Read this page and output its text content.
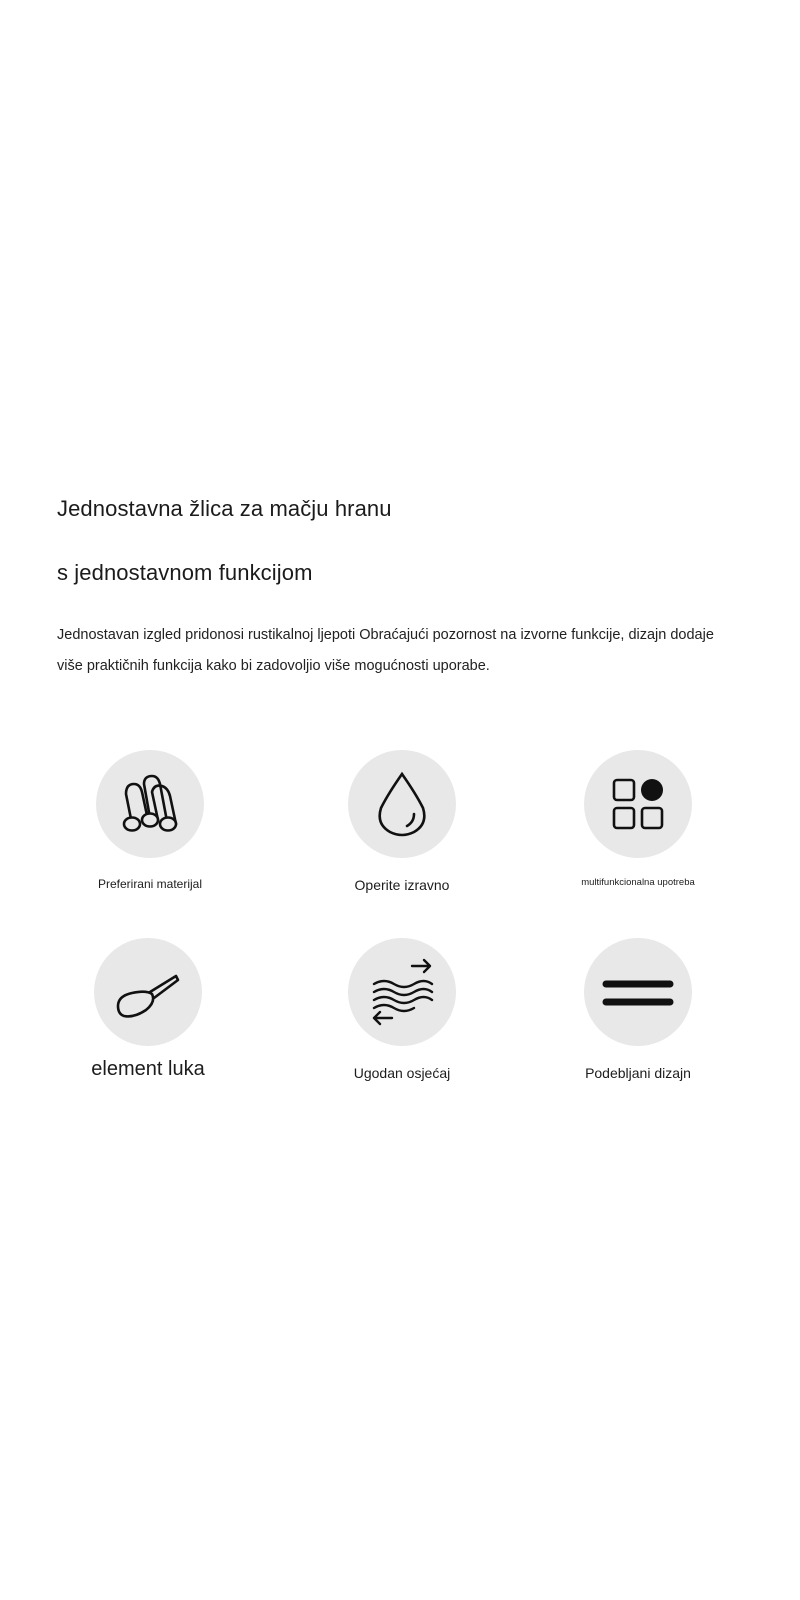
Jednostavna žlica za mačju hranu
s jednostavnom funkcijom

Jednostavan izgled pridonosi rustikalnoj ljepoti Obraćajući pozornost na izvorne funkcije, dizajn dodaje više praktičnih funkcija kako bi zadovoljio više mogućnosti uporabe.

Preferirani materijal	Operite izravno	multifunkcionalna upotreba
element luka	Ugodan osjećaj	Podebljani dizajn
